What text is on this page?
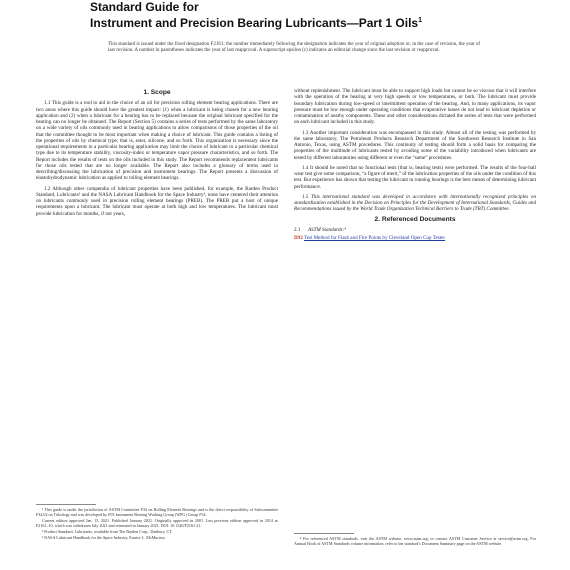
Standard Guide for
Instrument and Precision Bearing Lubricants—Part 1 Oils$^1$
This standard is issued under the fixed designation F2161; the number immediately following the designation indicates the year of original adoption or, in the case of revision, the year of last revision. A number in parentheses indicates the year of last reapproval. A superscript epsilon (ε) indicates an editorial change since the last revision or reapproval.
1. Scope

1.1 This guide is a tool to aid in the choice of an oil for precision rolling element bearing applications. There are two areas where this guide should have the greatest impact: (1) when a lubricant is being chosen for a new bearing application and (2) when a lubricant for a bearing has to be replaced because the original lubricant specified for the bearing can no longer be obtained. The Report (Section 5) contains a series of tests performed by the same laboratory on a wide variety of oils commonly used in bearing applications to allow comparisons of those properties of the oil that the committee thought to be most important when making a choice of lubricant. This guide contains a listing of the properties of oils by chemical type; that is, ester, silicone, and so forth. This organization is necessary since the operational requirements in a particular bearing application may limit the choice of lubricant to a particular chemical type due to its temperature stability, viscosity-index or temperature vapor pressure characteristics, and so forth. The Report includes the results of tests on the oils included in this study. The Report recommends replacement lubricants for those oils tested that are no longer available. The Report also includes a glossary of terms used in describing/discussing the lubrication of precision and instrument bearings. The Report presents a discussion of elastohydrodynamic lubrication as applied to rolling element bearings.

1.2 Although other compendia of lubricant properties have been published, for example, the Barden Product Standard, Lubricants² and the NASA Lubricant Handbook for the Space Industry³, none have centered their attention on lubricants commonly used in precision rolling element bearings (PREB). The PREB put a host of unique requirements upon a lubricant. The lubricant must operate at both high and low temperatures. The lubricant must provide lubrication for months, if not years,

¹ This guide is under the jurisdiction of ASTM Committee F34 on Rolling Element Bearings and is the direct responsibility of Subcommittee F34.02 on Tribology and was developed by F03 Instrument Bearing Working Group (WPG) Group F34.

Current edition approved Jan. 15, 2021. Published January 2021. Originally approved in 2001. Last previous edition approved in 2014 as F2161–10, which was withdrawn July 2021 and reinstated in January 2021. DOI: 10.1520/F2161-21.

² Product Standard, Lubricants, available from The Barden Corp., Danbury, CT.

³ NASA Lubricant Handbook for the Space Industry, Eunice L. McMurtrey.

without replenishment. The lubricant must be able to support high loads but cannot be so viscous that it will interfere with the operation of the bearing at very high speeds or low temperatures, or both. The lubricant must provide boundary lubrication during low-speed or intermittent operation of the bearing. And, in many applications, its vapor pressure must be low enough under operating conditions that evaporative losses do not lead to lubricant depletion or contamination of nearby components. These and other considerations dictated the series of tests that were performed on each lubricant included in this study.

1.3 Another important consideration was encompassed in this study. Almost all of the testing was performed by the same laboratory, The Petroleum Products Research Department of the Southwest Research Institute in San Antonio, Texas, using ASTM procedures. This continuity of testing should form a solid basis for comparing the properties of the multitude of lubricants tested by avoiding some of the variability introduced when lubricants are tested by different laboratories using different or even the “same” procedures.

1.4 It should be noted that no functional tests (that is, bearing tests) were performed. The results of the four-ball wear test give some comparison, “a figure of merit,” of the lubrication properties of the oils under the condition of this test. But experience has shown that testing the lubricant in running bearings is the best means of determining lubricant performance.

1.5 This international standard was developed in accordance with internationally recognized principles on standardization established in the Decision on Principles for the Development of International Standards, Guides and Recommendations issued by the World Trade Organization Technical Barriers to Trade (TBT) Committee.

2. Referenced Documents
2.1 ASTM Standards:⁴
D92 Test Method for Flash and Fire Points by Cleveland Open Cup Tester

⁴ For referenced ASTM standards, visit the ASTM website, www.astm.org, or contact ASTM Customer Service at service@astm.org. For Annual Book of ASTM Standards volume information, refer to the standard's Document Summary page on the ASTM website.
